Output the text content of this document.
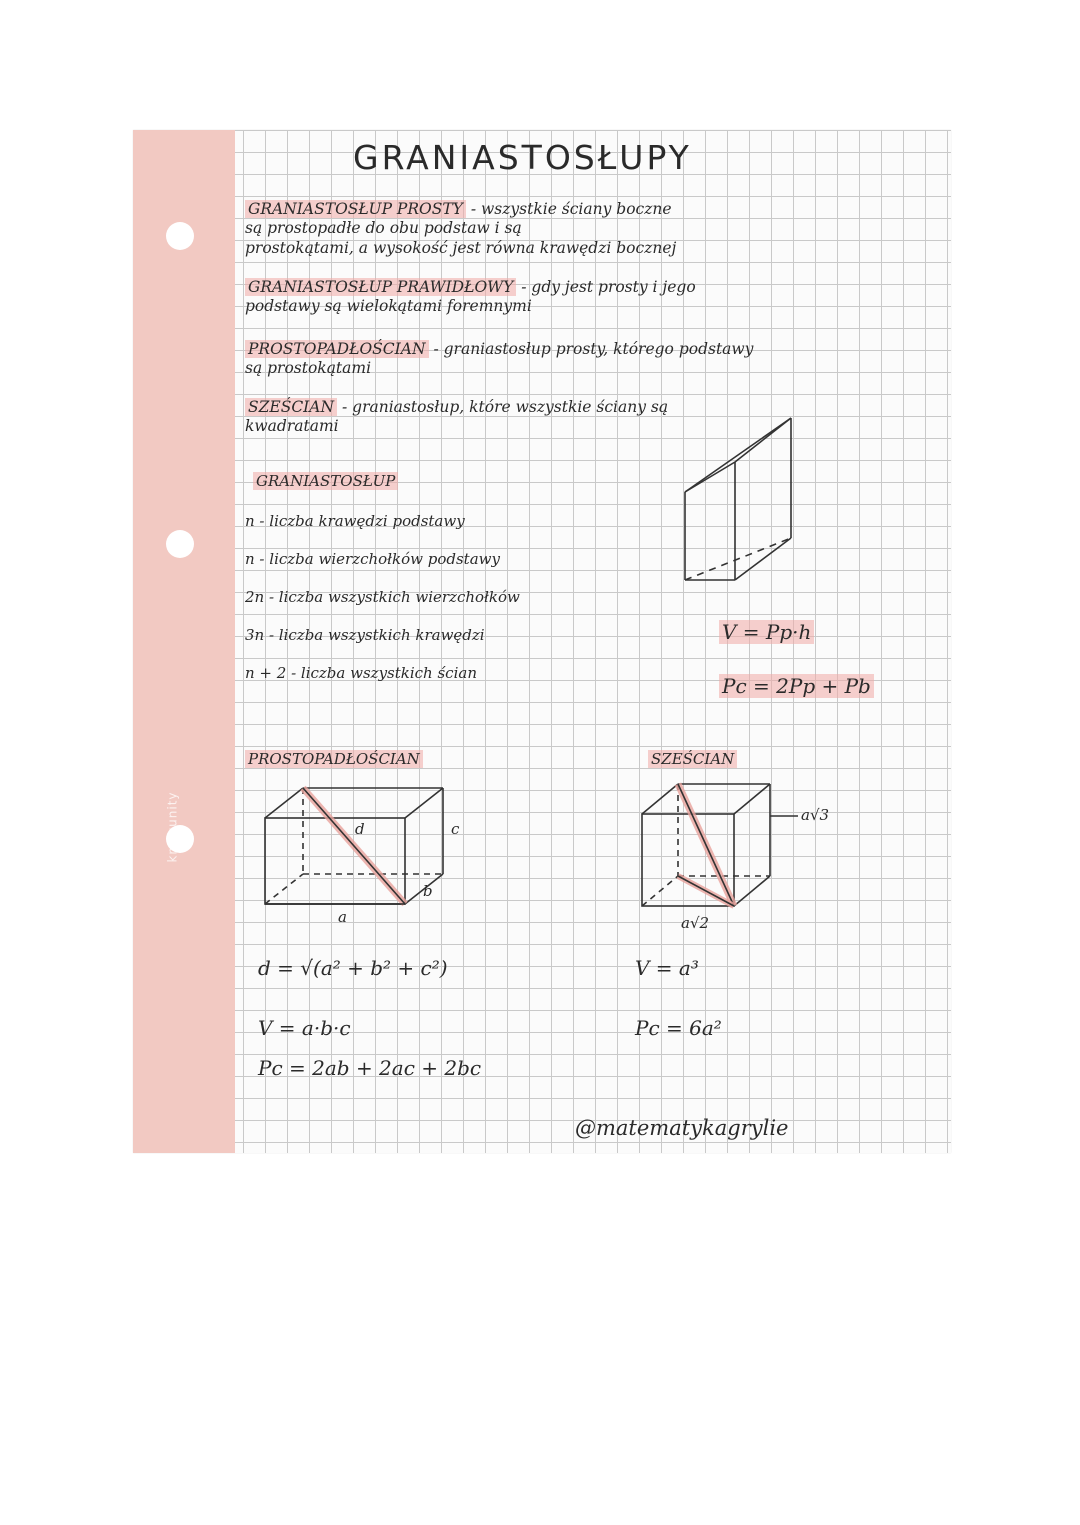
knowunity
GRANIASTOSŁUPY
GRANIASTOSŁUP PROSTY - wszystkie ściany boczne
są prostopadłe do obu podstaw i są
prostokątami, a wysokość jest równa krawędzi bocznej
GRANIASTOSŁUP PRAWIDŁOWY - gdy jest prosty i jego
podstawy są wielokątami foremnymi
PROSTOPADŁOŚCIAN - graniastosłup prosty, którego podstawy
są prostokątami
SZEŚCIAN - graniastosłup, które wszystkie ściany są
kwadratami
GRANIASTOSŁUP
n - liczba krawędzi podstawy
n - liczba wierzchołków podstawy
2n - liczba wszystkich wierzchołków
3n - liczba wszystkich krawędzi
n + 2 - liczba wszystkich ścian
V = Pp·h
Pc = 2Pp + Pb
PROSTOPADŁOŚCIAN
d
a
b
c
d = √(a² + b² + c²)
V = a·b·c
Pc = 2ab + 2ac + 2bc
SZEŚCIAN
a√3
a√2
V = a³
Pc = 6a²
@matematykagrylie
